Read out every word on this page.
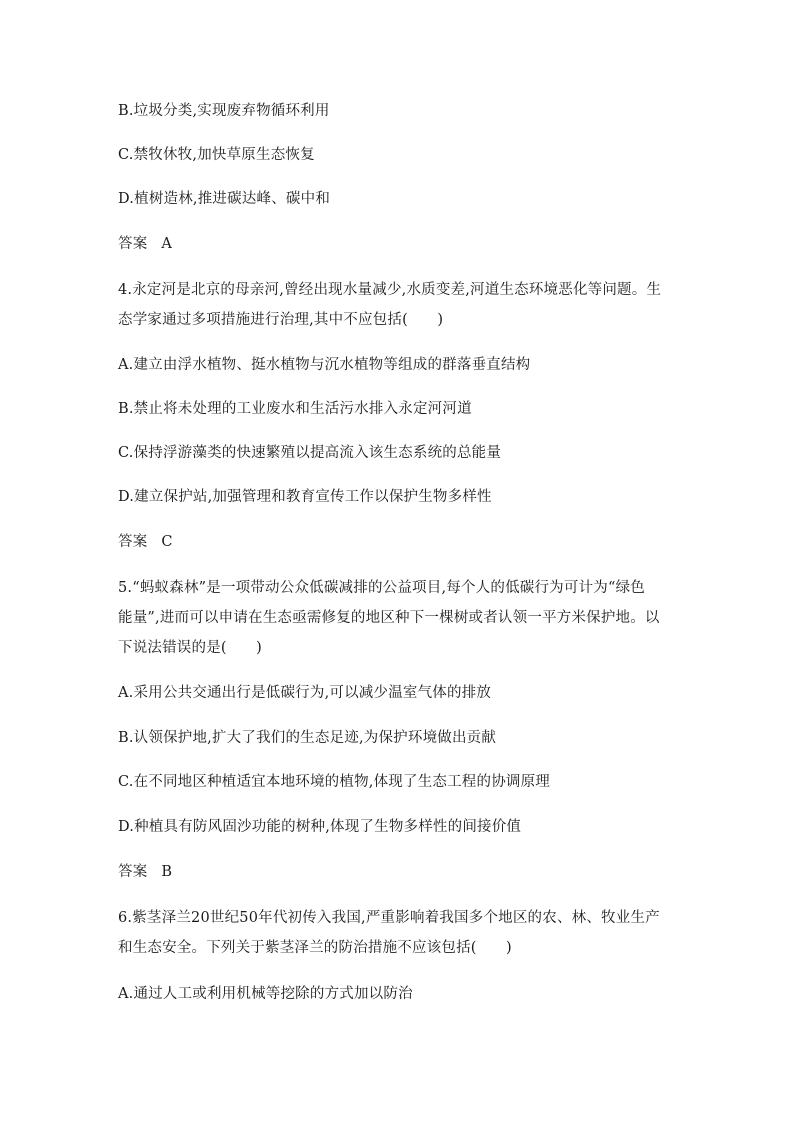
B.垃圾分类,实现废弃物循环利用
C.禁牧休牧,加快草原生态恢复
D.植树造林,推进碳达峰、碳中和
答案 A
4.永定河是北京的母亲河,曾经出现水量减少,水质变差,河道生态环境恶化等问题。生
态学家通过多项措施进行治理,其中不应包括(　　)
A.建立由浮水植物、挺水植物与沉水植物等组成的群落垂直结构
B.禁止将未处理的工业废水和生活污水排入永定河河道
C.保持浮游藻类的快速繁殖以提高流入该生态系统的总能量
D.建立保护站,加强管理和教育宣传工作以保护生物多样性
答案 C
5.“蚂蚁森林”是一项带动公众低碳减排的公益项目,每个人的低碳行为可计为“绿色
能量”,进而可以申请在生态亟需修复的地区种下一棵树或者认领一平方米保护地。以
下说法错误的是(　　)
A.采用公共交通出行是低碳行为,可以减少温室气体的排放
B.认领保护地,扩大了我们的生态足迹,为保护环境做出贡献
C.在不同地区种植适宜本地环境的植物,体现了生态工程的协调原理
D.种植具有防风固沙功能的树种,体现了生物多样性的间接价值
答案 B
6.紫茎泽兰20世纪50年代初传入我国,严重影响着我国多个地区的农、林、牧业生产
和生态安全。下列关于紫茎泽兰的防治措施不应该包括(　　)
A.通过人工或利用机械等挖除的方式加以防治
